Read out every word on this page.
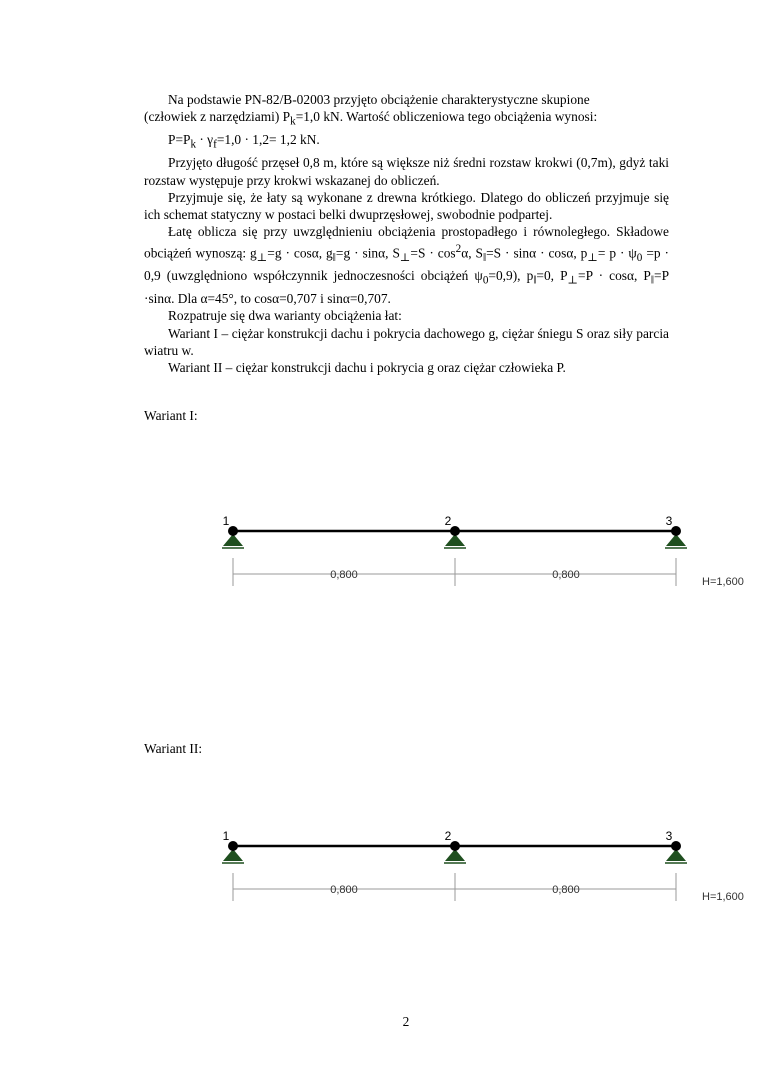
Na podstawie PN-82/B-02003 przyjęto obciążenie charakterystyczne skupione
(człowiek z narzędziami) $P_k=1,0$ kN. Wartość obliczeniowa tego obciążenia wynosi:

$P=P_k \cdot \gamma_f=1,0 \cdot 1,2= 1,2$ kN.

Przyjęto długość przęseł 0,8 m, które są większe niż średni rozstaw krokwi (0,7m), gdyż taki rozstaw występuje przy krokwi wskazanej do obliczeń.

Przyjmuje się, że łaty są wykonane z drewna krótkiego. Dlatego do obliczeń przyjmuje się ich schemat statyczny w postaci belki dwuprzęsłowej, swobodnie podpartej.

Łatę oblicza się przy uwzględnieniu obciążenia prostopadłego i równoległego. Składowe obciążeń wynoszą: $g_\perp=g \cdot \cos\alpha$, $g_‖=g \cdot \sin\alpha$, $S_\perp=S \cdot \cos^2\alpha$, $S_‖=S \cdot \sin\alpha \cdot \cos\alpha$, $p_\perp= p \cdot \psi_0 =p \cdot 0,9$ (uwzględniono współczynnik jednoczesności obciążeń $\psi_0=0,9$), $p_‖=0$, $P_\perp=P \cdot \cos\alpha$, $P_‖=P \cdot\sin\alpha$. Dla α=45°, to cosα=0,707 i sinα=0,707.

Rozpatruje się dwa warianty obciążenia łat:

Wariant I – ciężar konstrukcji dachu i pokrycia dachowego g, ciężar śniegu S oraz siły parcia wiatru w.

Wariant II – ciężar konstrukcji dachu i pokrycia g oraz ciężar człowieka P.

Wariant I:
1	2	3
0,800	0,800
H=1,600
Wariant II:
1	2	3
0,800	0,800
H=1,600
2
